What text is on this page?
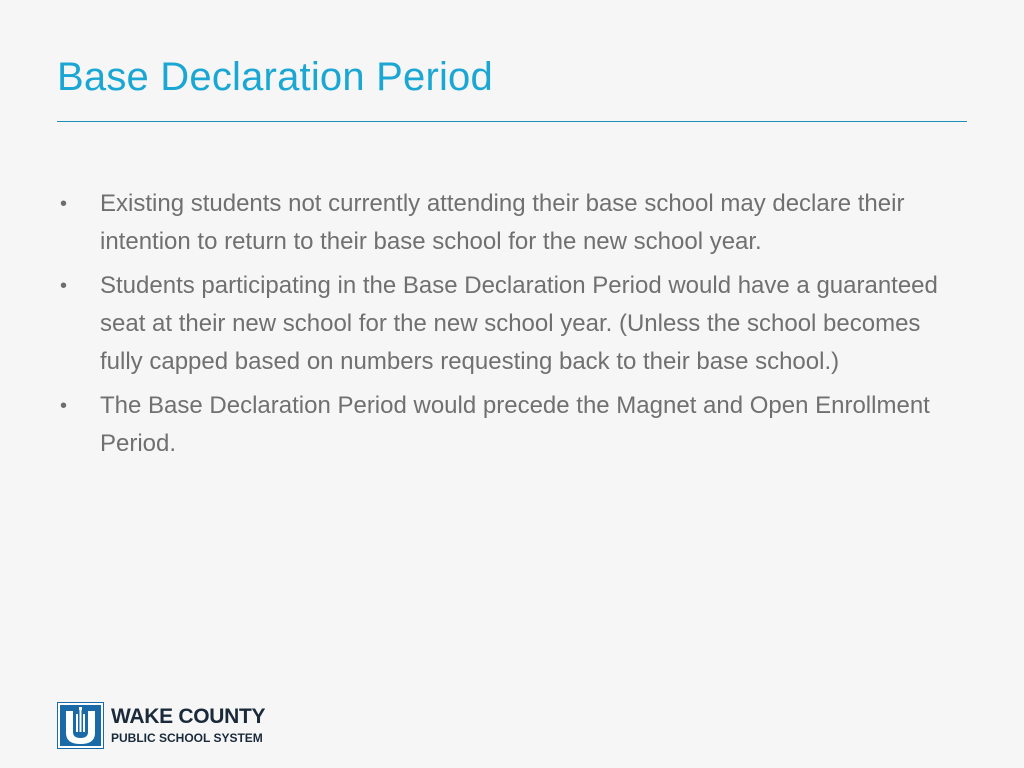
Base Declaration Period
•	Existing students not currently attending their base school may declare their intention to return to their base school for the new school year.
•	Students participating in the Base Declaration Period would have a guaranteed seat at their new school for the new school year. (Unless the school becomes fully capped based on numbers requesting back to their base school.)
•	The Base Declaration Period would precede the Magnet and Open Enrollment Period.
WAKE COUNTY
PUBLIC SCHOOL SYSTEM
